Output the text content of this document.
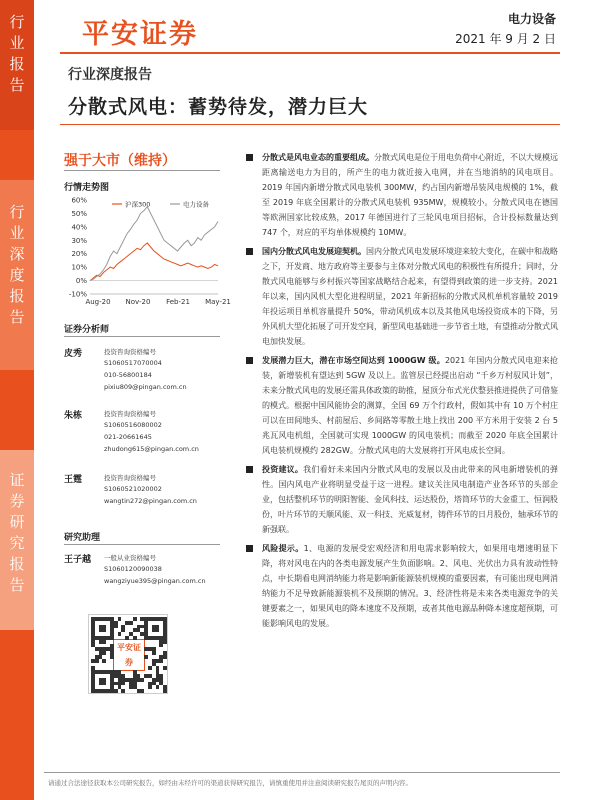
行
业
报
告
行
业
深
度
报
告
证
券
研
究
报
告
平安证券	电力设备
2021 年 9 月 2 日
行业深度报告
分散式风电：蓄势待发，潜力巨大
强于大市（维持）
行情走势图
60%
50%
40%
30%
20%
10%
0%
-10%
Aug-20 Nov-20 Feb-21 May-21
沪深300	电力设备
证券分析师
皮秀	投资咨询资格编号
S1060517070004
010-56800184
pixiu809@pingan.com.cn
朱栋	投资咨询资格编号
S1060516080002
021-20661645
zhudong615@pingan.com.cn
王霆	投资咨询资格编号
S1060521020002
wangtin272@pingan.com.cn
研究助理
王子越 一般从业资格编号
S1060120090038
wangziyue395@pingan.com.cn
平安证券
分散式是风电业态的重要组成。分散式风电是位于用电负荷中心附近，不以大规模远距离输送电力为目的，所产生的电力就近接入电网，并在当地消纳的风电项目。2019 年国内新增分散式风电装机 300MW，约占国内新增吊装风电规模的 1%，截至 2019 年底全国累计的分散式风电装机 935MW，规模较小。分散式风电在德国等欧洲国家比较成熟，2017 年德国进行了三轮风电项目招标，合计投标数量达到 747 个，对应的平均单体规模约 10MW。
国内分散式风电发展迎契机。国内分散式风电发展环境迎来较大变化，在碳中和战略之下，开发商、地方政府等主要参与主体对分散式风电的积极性有所提升；同时，分散式风电能够与乡村振兴等国家战略结合起来，有望得到政策的进一步支持。2021 年以来，国内风机大型化进程明显，2021 年新招标的分散式风机单机容量较 2019 年投运项目单机容量提升 50%，带动风机成本以及其他风电场投资成本的下降，另外风机大型化拓展了可开发空间，新型风电基础进一步节省土地，有望推动分散式风电加快发展。
发展潜力巨大，潜在市场空间达到 1000GW 级。2021 年国内分散式风电迎来抢装，新增装机有望达到 5GW 及以上。监管层已经提出启动 “千乡万村驭风计划”，未来分散式风电的发展还需具体政策的助推，屋顶分布式光伏整县推进提供了可借鉴的模式。根据中国风能协会的测算，全国 69 万个行政村，假如其中有 10 万个村庄可以在田间地头、村前屋后、乡间路等零散土地上找出 200 平方米用于安装 2 台 5 兆瓦风电机组，全国就可实现 1000GW 的风电装机；而截至 2020 年底全国累计风电装机规模约 282GW。分散式风电的大发展将打开风电成长空间。
投资建议。我们看好未来国内分散式风电的发展以及由此带来的风电新增装机的弹性。国内风电产业将明显受益于这一进程。建议关注风电制造产业各环节的头部企业，包括整机环节的明阳智能、金风科技、运达股份，塔筒环节的大金重工、恒润股份，叶片环节的天顺风能、双一科技、光威复材，铸件环节的日月股份，轴承环节的新强联。
风险提示。1、电源的发展受宏观经济和用电需求影响较大，如果用电增速明显下降，将对风电在内的各类电源发展产生负面影响。2、风电、光伏出力具有波动性特点，中长期看电网消纳能力将是影响新能源装机规模的重要因素，有可能出现电网消纳能力不足导致新能源装机不及预期的情况。3、经济性将是未来各类电源竞争的关键要素之一，如果风电的降本速度不及预期，或者其他电源品种降本速度超预期，可能影响风电的发展。
请通过合法途径获取本公司研究报告，如经由未经许可的渠道获得研究报告，请慎重使用并注意阅读研究报告尾页的声明内容。
